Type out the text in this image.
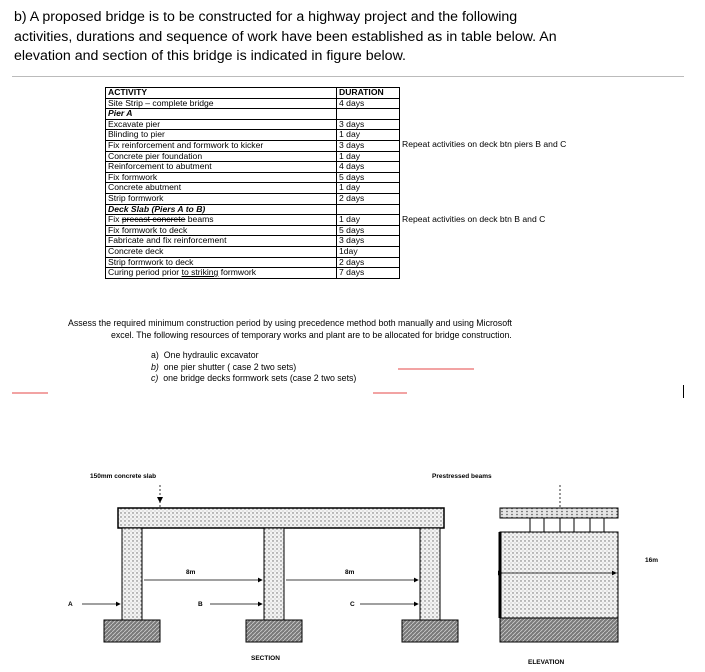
b) A proposed bridge is to be constructed for a highway project and the following
activities, durations and sequence of work have been established as in table below. An
elevation and section of this bridge is indicated in figure below.
ACTIVITY	DURATION	
Site Strip – complete bridge	4 days	
Pier A		
Excavate pier	3 days	
Blinding to pier	1 day	
Fix reinforcement and formwork to kicker	3 days	Repeat activities on deck btn piers B and C
Concrete pier foundation	1 day	
Reinforcement to abutment	4 days	
Fix formwork	5 days	
Concrete abutment	1 day	
Strip formwork	2 days	
Deck Slab (Piers A to B)		
Fix precast concrete beams	1 day	Repeat activities on deck btn B and C
Fix formwork to deck	5 days	
Fabricate and fix reinforcement	3 days	
Concrete deck	1day	
Strip formwork to deck	2 days	
Curing period prior to striking formwork	7 days	
Assess the required minimum construction period by using precedence method both manually and using Microsoft
excel. The following resources of temporary works and plant are to be allocated for bridge construction.
a) One hydraulic excavator
b) one pier shutter ( case 2 two sets)
c) one bridge decks formwork sets (case 2 two sets)
150mm concrete slab	Prestressed beams
8m	8m
16m
A	B	C
SECTION
ELEVATION
